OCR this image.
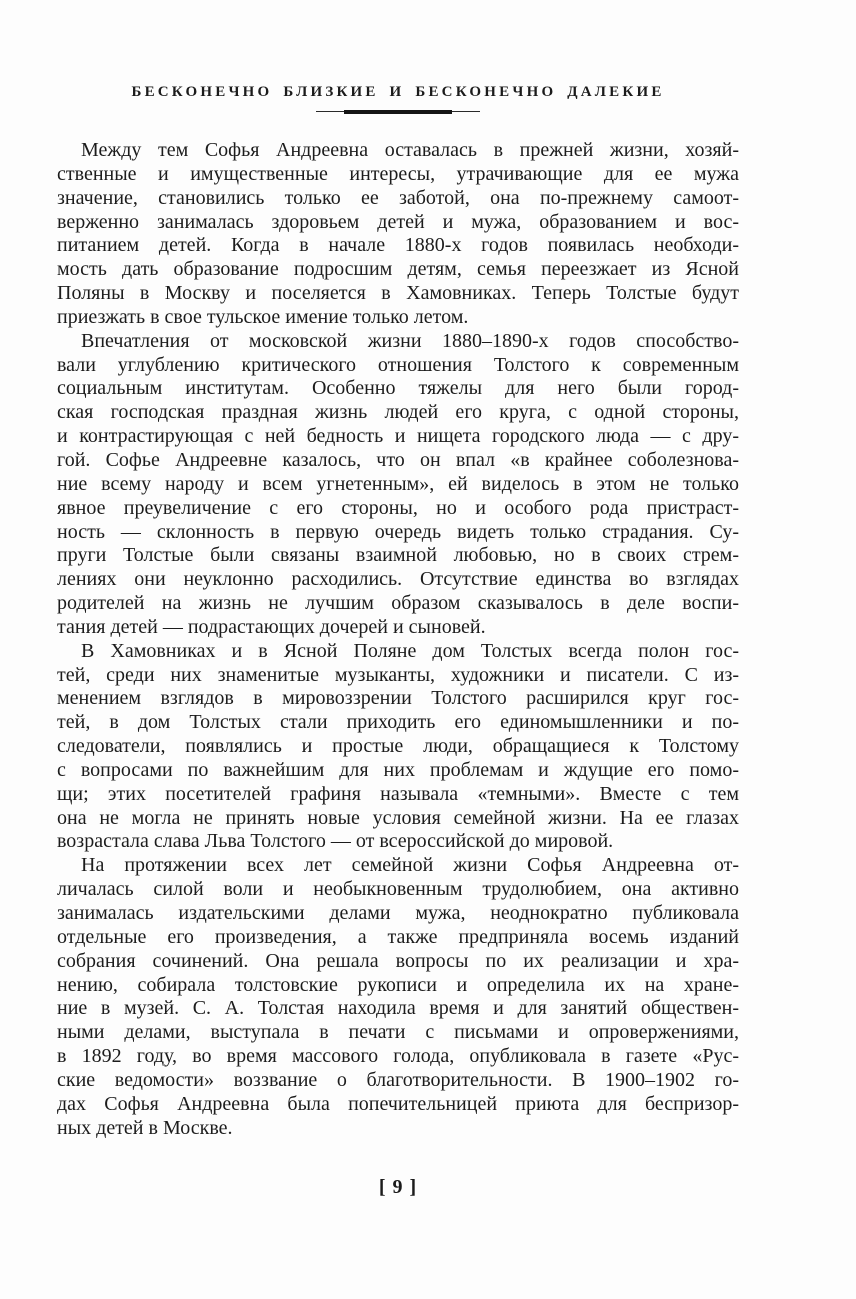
БЕСКОНЕЧНО БЛИЗКИЕ И БЕСКОНЕЧНО ДАЛЕКИЕ

Между тем Софья Андреевна оставалась в прежней жизни, хозяй-
ственные и имущественные интересы, утрачивающие для ее мужа
значение, становились только ее заботой, она по-прежнему самоот-
верженно занималась здоровьем детей и мужа, образованием и вос-
питанием детей. Когда в начале 1880-х годов появилась необходи-
мость дать образование подросшим детям, семья переезжает из Ясной
Поляны в Москву и поселяется в Хамовниках. Теперь Толстые будут
приезжать в свое тульское имение только летом.

Впечатления от московской жизни 1880–1890-х годов способство-
вали углублению критического отношения Толстого к современным
социальным институтам. Особенно тяжелы для него были город-
ская господская праздная жизнь людей его круга, с одной стороны,
и контрастирующая с ней бедность и нищета городского люда — с дру-
гой. Софье Андреевне казалось, что он впал «в крайнее соболезнова-
ние всему народу и всем угнетенным», ей виделось в этом не только
явное преувеличение с его стороны, но и особого рода пристраст-
ность — склонность в первую очередь видеть только страдания. Су-
пруги Толстые были связаны взаимной любовью, но в своих стрем-
лениях они неуклонно расходились. Отсутствие единства во взглядах
родителей на жизнь не лучшим образом сказывалось в деле воспи-
тания детей — подрастающих дочерей и сыновей.

В Хамовниках и в Ясной Поляне дом Толстых всегда полон гос-
тей, среди них знаменитые музыканты, художники и писатели. С из-
менением взглядов в мировоззрении Толстого расширился круг гос-
тей, в дом Толстых стали приходить его единомышленники и по-
следователи, появлялись и простые люди, обращащиеся к Толстому
с вопросами по важнейшим для них проблемам и ждущие его помо-
щи; этих посетителей графиня называла «темными». Вместе с тем
она не могла не принять новые условия семейной жизни. На ее глазах
возрастала слава Льва Толстого — от всероссийской до мировой.

На протяжении всех лет семейной жизни Софья Андреевна от-
личалась силой воли и необыкновенным трудолюбием, она активно
занималась издательскими делами мужа, неоднократно публиковала
отдельные его произведения, а также предприняла восемь изданий
собрания сочинений. Она решала вопросы по их реализации и хра-
нению, собирала толстовские рукописи и определила их на хране-
ние в музей. С. А. Толстая находила время и для занятий обществен-
ными делами, выступала в печати с письмами и опровержениями,
в 1892 году, во время массового голода, опубликовала в газете «Рус-
ские ведомости» воззвание о благотворительности. В 1900–1902 го-
дах Софья Андреевна была попечительницей приюта для беспризор-
ных детей в Москве.

[ 9 ]
